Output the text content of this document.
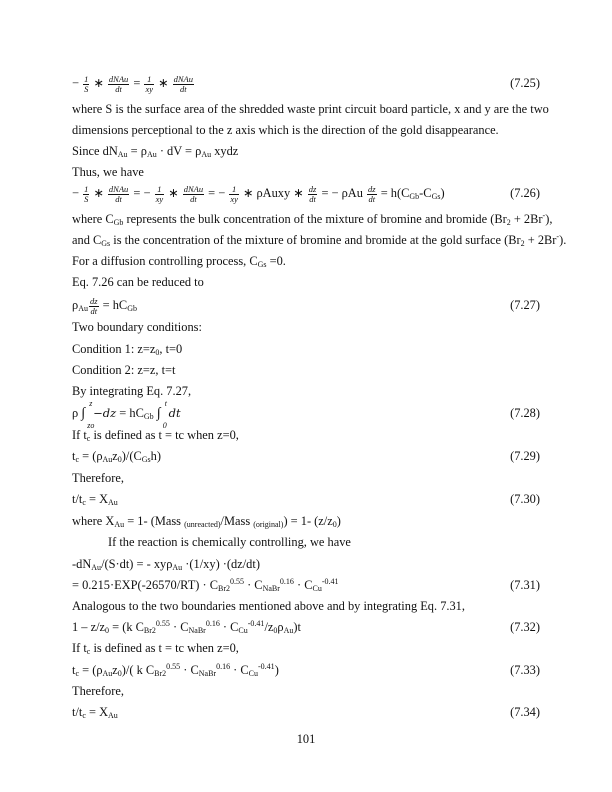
101
− $\frac{1}{S}$ ∗ $\frac{\text{dNAu}}{dt} = \frac{1}{xy}$ ∗ $\frac{\text{dNAu}}{dt}$	(7.25)
where S is the surface area of the shredded waste print circuit board particle, x and y are the two
dimensions perceptional to the z axis which is the direction of the gold disappearance.
Since $dN_{Au} = \rho_{Au}$ · dV = $\rho_{Au}$ xydz
Thus, we have
− $\frac{1}{S}$ ∗ $\frac{\text{dNAu}}{dt}$ = − $\frac{1}{xy}$ ∗ $\frac{\text{dNAu}}{dt}$ = − $\frac{1}{xy}$ ∗ ρAuxy ∗ $\frac{dz}{dt}$ = − ρAu $\frac{dz}{dt} = h(C_{Gb}-C_{Gs})$	(7.26)
where $C_{Gb}$ represents the bulk concentration of the mixture of bromine and bromide $(Br_2 + 2Br^-)$,
and $C_{Gs}$ is the concentration of the mixture of bromine and bromide at the gold surface $(Br_2 + 2Br^-)$.
For a diffusion controlling process, $C_{Gs} =0$.
Eq. 7.26 can be reduced to
$\rho_{Au} \frac{dz}{dt} = hC_{Gb}$	(7.27)
Two boundary conditions:
Condition 1: $z=z_0$, t=0
Condition 2: z=z, t=t
By integrating Eq. 7.27,
ρ ∫
z
zo
$-dz = hC_{Gb}$ ∫
t
0
dt	(7.28)
If $t_c$ is defined as t = tc when z=0,
$t_c = (\rho_{Au}z_0)/(C_{Gs}h)$	(7.29)
Therefore,
$t/t_c = X_{Au}$	(7.30)
where $X_{Au} = 1-$ (Mass $_{(unreacted)}$/Mass $_{(original)}$) = 1- $(z/z_0)$
If the reaction is chemically controlling, we have
$-dN_{Au}/(S\cdot dt)$ = - xyρ$_{Au}$ ·(1/xy) ·(dz/dt)
= $0.215\cdot EXP(-26570/RT) \cdot C_{Br2}^{0.55} \cdot C_{NaBr}^{0.16} \cdot C_{Cu}^{-0.41}$	(7.31)
Analogous to the two boundaries mentioned above and by integrating Eq. 7.31,
$1 - z/z_0 = (k$ $C_{Br2}^{0.55} \cdot C_{NaBr}^{0.16} \cdot C_{Cu}^{-0.41}/z_0\rho_{Au})t$	(7.32)
If $t_c$ is defined as t = tc when z=0,
$t_c = (\rho_{Au}z_0)/$( k $C_{Br2}^{0.55} \cdot C_{NaBr}^{0.16} \cdot C_{Cu}^{-0.41}$)	(7.33)
Therefore,
$t/t_c = X_{Au}$	(7.34)
